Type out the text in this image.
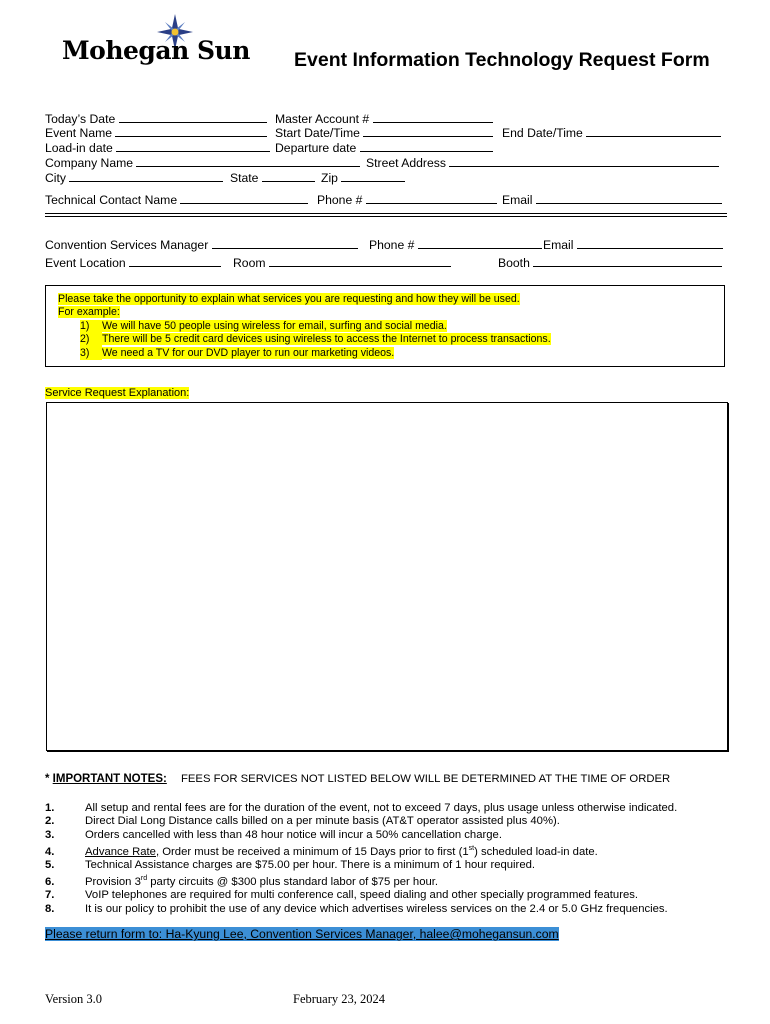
Mohegan Sun Event Information Technology Request Form
Today’s Date	Master Account #
Event Name	Start Date/Time	End Date/Time
Load-in date	Departure date
Company Name	Street Address
City	State	Zip
Technical Contact Name	Phone #	Email
Convention Services Manager	Phone #	Email
Event Location	Room	Booth
Please take the opportunity to explain what services you are requesting and how they will be used.
For example:
1) We will have 50 people using wireless for email, surfing and social media.
2) There will be 5 credit card devices using wireless to access the Internet to process transactions.
3) We need a TV for our DVD player to run our marketing videos.
Service Request Explanation:
* IMPORTANT NOTES: FEES FOR SERVICES NOT LISTED BELOW WILL BE DETERMINED AT THE TIME OF ORDER
1.	All setup and rental fees are for the duration of the event, not to exceed 7 days, plus usage unless otherwise indicated.
2.	Direct Dial Long Distance calls billed on a per minute basis (AT&T operator assisted plus 40%).
3.	Orders cancelled with less than 48 hour notice will incur a 50% cancellation charge.
4.	Advance Rate, Order must be received a minimum of 15 Days prior to first (1st) scheduled load-in date.
5.	Technical Assistance charges are $75.00 per hour. There is a minimum of 1 hour required.
6.	Provision 3rd party circuits @ $300 plus standard labor of $75 per hour.
7.	VoIP telephones are required for multi conference call, speed dialing and other specially programmed features.
8.	It is our policy to prohibit the use of any device which advertises wireless services on the 2.4 or 5.0 GHz frequencies.
Please return form to: Ha-Kyung Lee, Convention Services Manager, halee@mohegansun.com
Version 3.0	February 23, 2024
